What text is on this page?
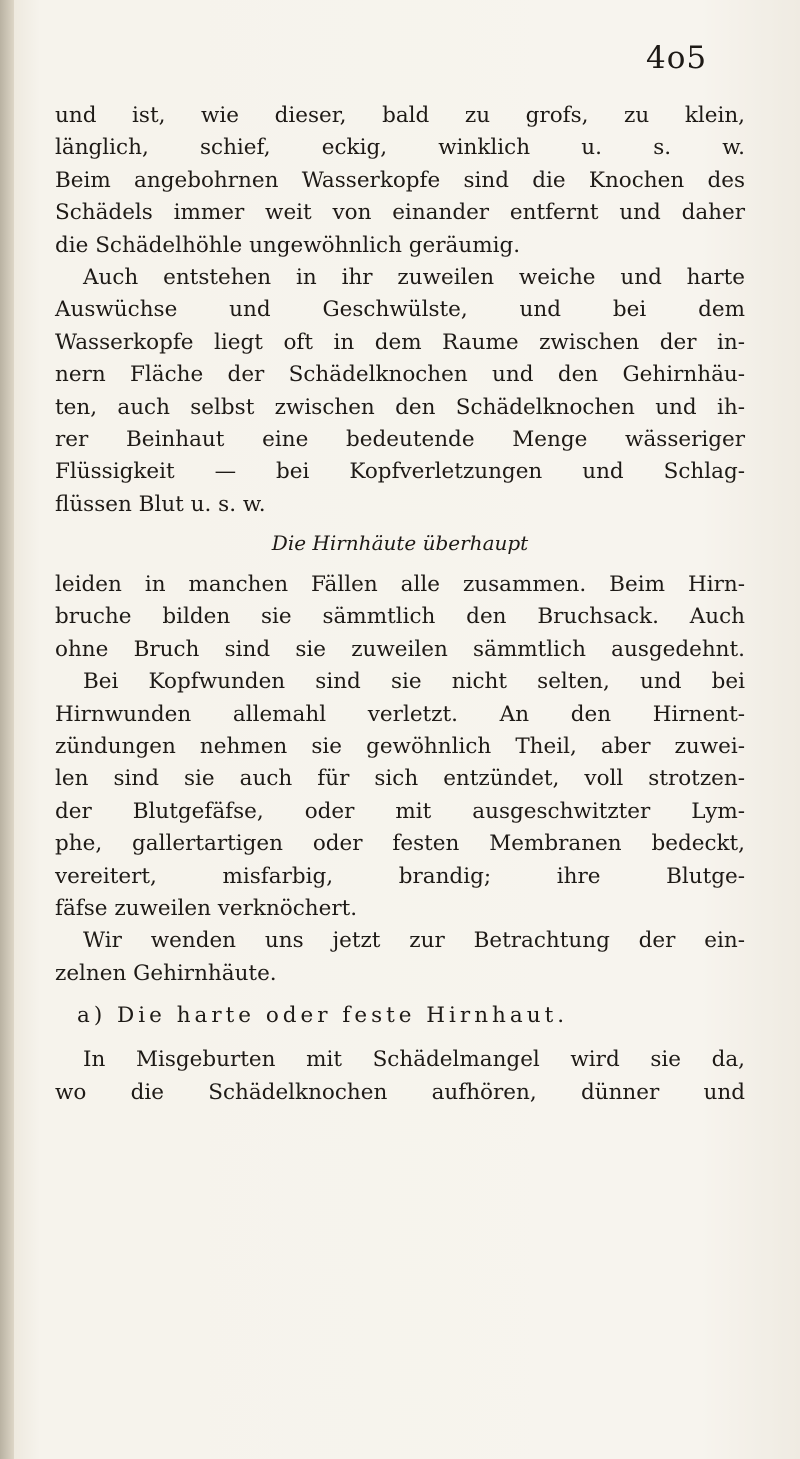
4o5
und ist, wie dieser, bald zu grofs, zu klein,
länglich, schief, eckig, winklich u. s. w.
Beim angebohrnen Wasserkopfe sind die Knochen des
Schädels immer weit von einander entfernt und daher
die Schädelhöhle ungewöhnlich geräumig.
Auch entstehen in ihr zuweilen weiche und harte
Auswüchse und Geschwülste, und bei dem
Wasserkopfe liegt oft in dem Raume zwischen der in-
nern Fläche der Schädelknochen und den Gehirnhäu-
ten, auch selbst zwischen den Schädelknochen und ih-
rer Beinhaut eine bedeutende Menge wässeriger
Flüssigkeit — bei Kopfverletzungen und Schlag-
flüssen Blut u. s. w.
Die Hirnhäute überhaupt
leiden in manchen Fällen alle zusammen. Beim Hirn-
bruche bilden sie sämmtlich den Bruchsack. Auch
ohne Bruch sind sie zuweilen sämmtlich ausgedehnt.
Bei Kopfwunden sind sie nicht selten, und bei
Hirnwunden allemahl verletzt. An den Hirnent-
zündungen nehmen sie gewöhnlich Theil, aber zuwei-
len sind sie auch für sich entzündet, voll strotzen-
der Blutgefäfse, oder mit ausgeschwitzter Lym-
phe, gallertartigen oder festen Membranen bedeckt,
vereitert, misfarbig, brandig; ihre Blutge-
fäfse zuweilen verknöchert.
Wir wenden uns jetzt zur Betrachtung der ein-
zelnen Gehirnhäute.
a) Die harte oder feste Hirnhaut.
In Misgeburten mit Schädelmangel wird sie da,
wo die Schädelknochen aufhören, dünner und
